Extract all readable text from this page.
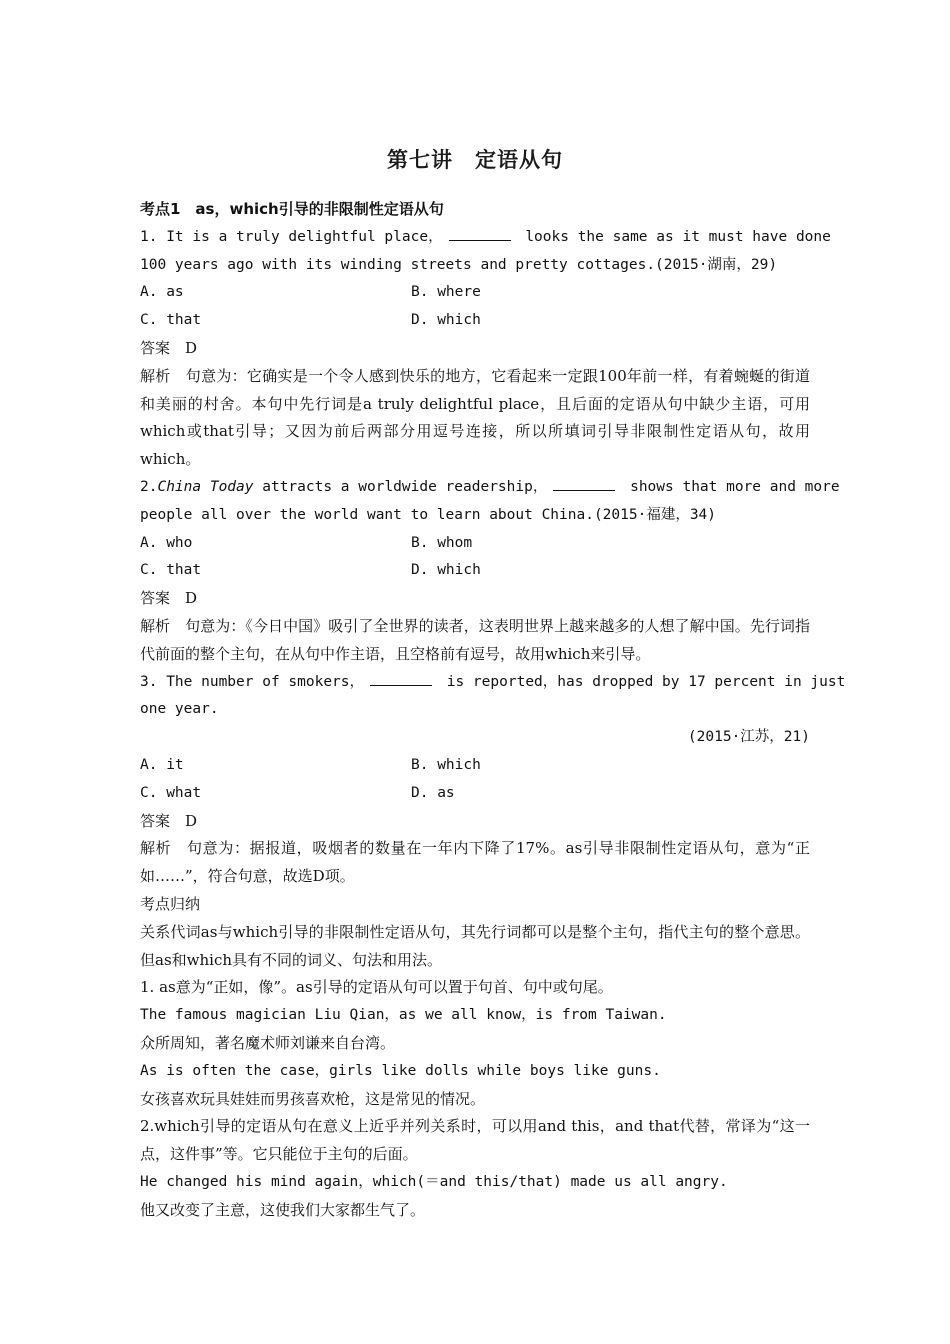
第七讲 定语从句
考点1　as，which引导的非限制性定语从句
1. It is a truly delightful place，	looks the same as it must have done
100 years ago with its winding streets and pretty cottages.(2015·湖南，29)
A. as	B. where
C. that	D. which
答案　D
解析　句意为：它确实是一个令人感到快乐的地方，它看起来一定跟100年前一样，有着蜿蜒的街道和美丽的村舍。本句中先行词是a truly delightful place，且后面的定语从句中缺少主语，可用which或that引导；又因为前后两部分用逗号连接，所以所填词引导非限制性定语从句，故用which。
2.China Today attracts a worldwide readership，	shows that more and more
people all over the world want to learn about China.(2015·福建，34)
A. who	B. whom
C. that	D. which
答案　D
解析　句意为：《今日中国》吸引了全世界的读者，这表明世界上越来越多的人想了解中国。先行词指代前面的整个主句，在从句中作主语，且空格前有逗号，故用which来引导。
3. The number of smokers，	is reported，has dropped by 17 percent in just
one year.
(2015·江苏，21)
A. it	B. which
C. what	D. as
答案　D
解析　句意为：据报道，吸烟者的数量在一年内下降了17%。as引导非限制性定语从句，意为“正如……”，符合句意，故选D项。
考点归纳
关系代词as与which引导的非限制性定语从句，其先行词都可以是整个主句，指代主句的整个意思。但as和which具有不同的词义、句法和用法。
1. as意为“正如，像”。as引导的定语从句可以置于句首、句中或句尾。
The famous magician Liu Qian，as we all know，is from Taiwan.
众所周知，著名魔术师刘谦来自台湾。
As is often the case，girls like dolls while boys like guns.
女孩喜欢玩具娃娃而男孩喜欢枪，这是常见的情况。
2.which引导的定语从句在意义上近乎并列关系时，可以用and this，and that代替，常译为“这一点，这件事”等。它只能位于主句的后面。
He changed his mind again，which(＝and this/that) made us all angry.
他又改变了主意，这使我们大家都生气了。
